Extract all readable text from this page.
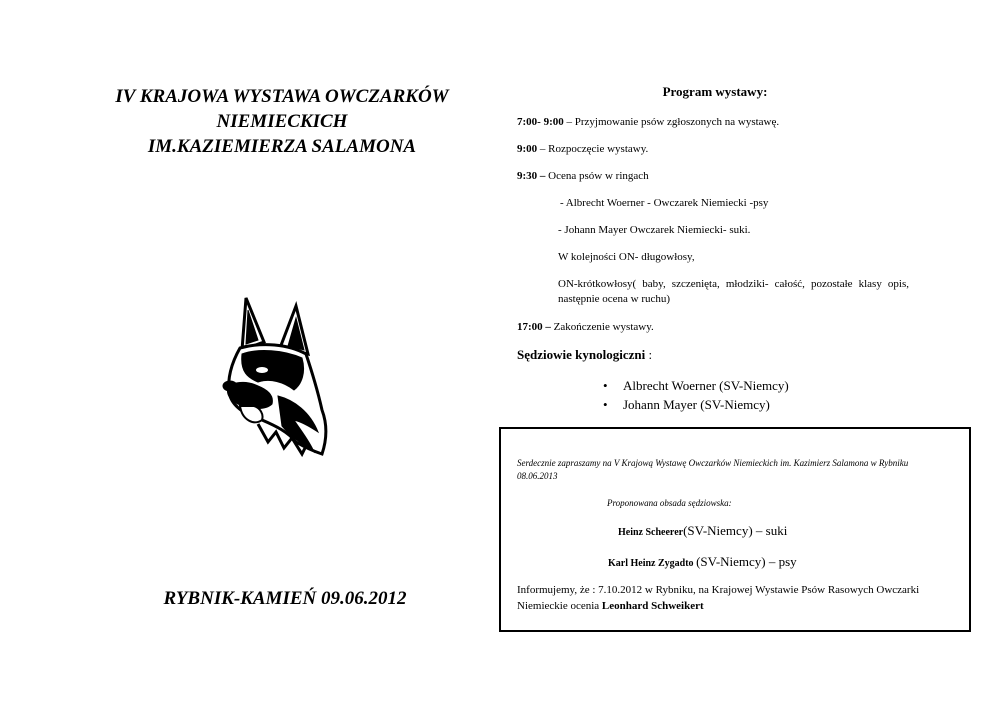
IV KRAJOWA WYSTAWA OWCZARKÓW
NIEMIECKICH
IM.KAZIEMIERZA SALAMONA
RYBNIK-KAMIEŃ 09.06.2012
Program wystawy:
7:00- 9:00 – Przyjmowanie psów zgłoszonych na wystawę.
9:00 – Rozpoczęcie wystawy.
9:30 – Ocena psów w ringach
- Albrecht Woerner - Owczarek Niemiecki -psy
- Johann Mayer Owczarek Niemiecki- suki.
W kolejności ON- długowłosy,
ON-krótkowłosy( baby, szczenięta, młodziki- całość, pozostałe klasy opis, następnie ocena w ruchu)
17:00 – Zakończenie wystawy.
Sędziowie kynologiczni :
• Albrecht Woerner (SV-Niemcy)
• Johann Mayer (SV-Niemcy)
Serdecznie zapraszamy na V Krajową Wystawę Owczarków Niemieckich im. Kazimierz Salamona w Rybniku 08.06.2013
Proponowana obsada sędziowska:
Heinz Scheerer(SV-Niemcy) – suki
Karl Heinz Zygadto (SV-Niemcy) – psy
Informujemy, że : 7.10.2012 w Rybniku, na Krajowej Wystawie Psów Rasowych Owczarki Niemieckie ocenia Leonhard Schweikert
